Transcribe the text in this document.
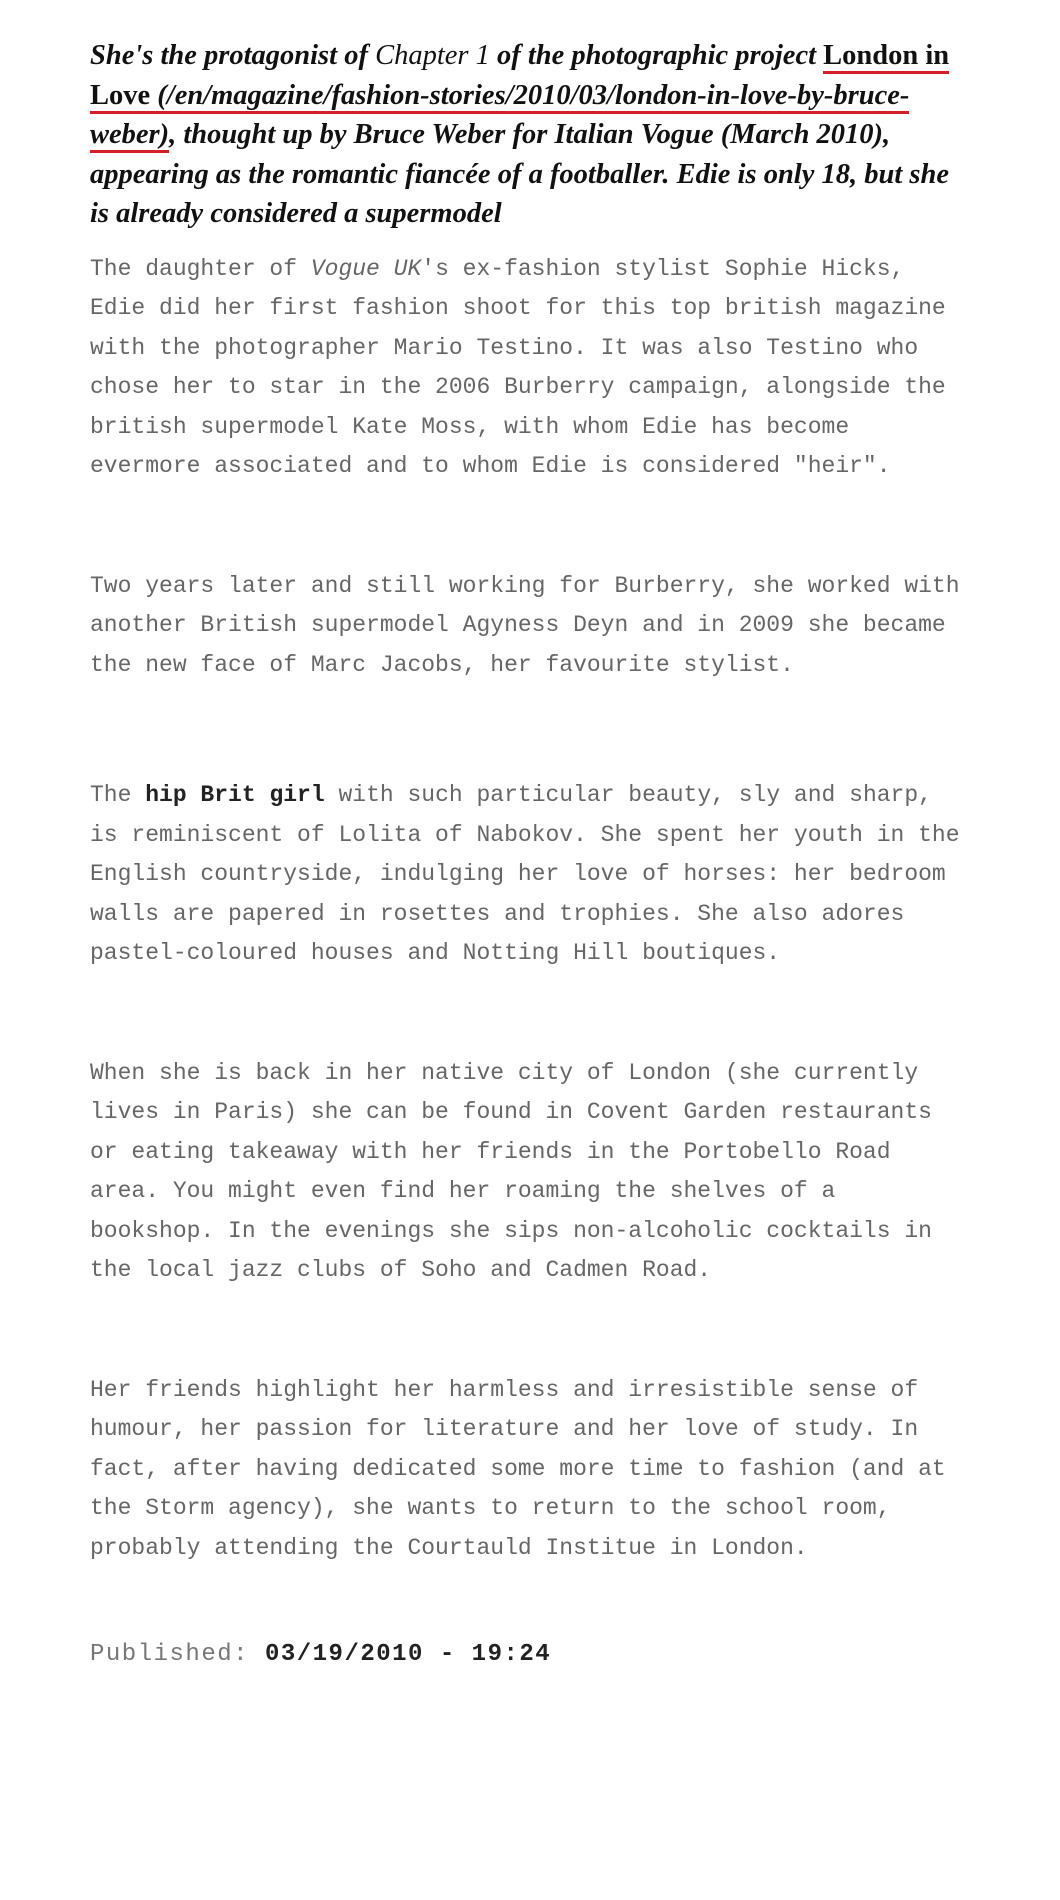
She's the protagonist of Chapter 1 of the photographic project London in Love (/en/magazine/fashion-stories/2010/03/london-in-love-by-bruce-weber), thought up by Bruce Weber for Italian Vogue (March 2010), appearing as the romantic fiancée of a footballer. Edie is only 18, but she is already considered a supermodel

The daughter of Vogue UK's ex-fashion stylist Sophie Hicks, Edie did her first fashion shoot for this top british magazine with the photographer Mario Testino. It was also Testino who chose her to star in the 2006 Burberry campaign, alongside the british supermodel Kate Moss, with whom Edie has become evermore associated and to whom Edie is considered "heir".

Two years later and still working for Burberry, she worked with another British supermodel Agyness Deyn and in 2009 she became the new face of Marc Jacobs, her favourite stylist.

The hip Brit girl with such particular beauty, sly and sharp, is reminiscent of Lolita of Nabokov. She spent her youth in the English countryside, indulging her love of horses: her bedroom walls are papered in rosettes and trophies. She also adores pastel-coloured houses and Notting Hill boutiques.

When she is back in her native city of London (she currently lives in Paris) she can be found in Covent Garden restaurants or eating takeaway with her friends in the Portobello Road area. You might even find her roaming the shelves of a bookshop. In the evenings she sips non-alcoholic cocktails in the local jazz clubs of Soho and Cadmen Road.

Her friends highlight her harmless and irresistible sense of humour, her passion for literature and her love of study. In fact, after having dedicated some more time to fashion (and at the Storm agency), she wants to return to the school room, probably attending the Courtauld Institue in London.

Published: 03/19/2010 - 19:24
